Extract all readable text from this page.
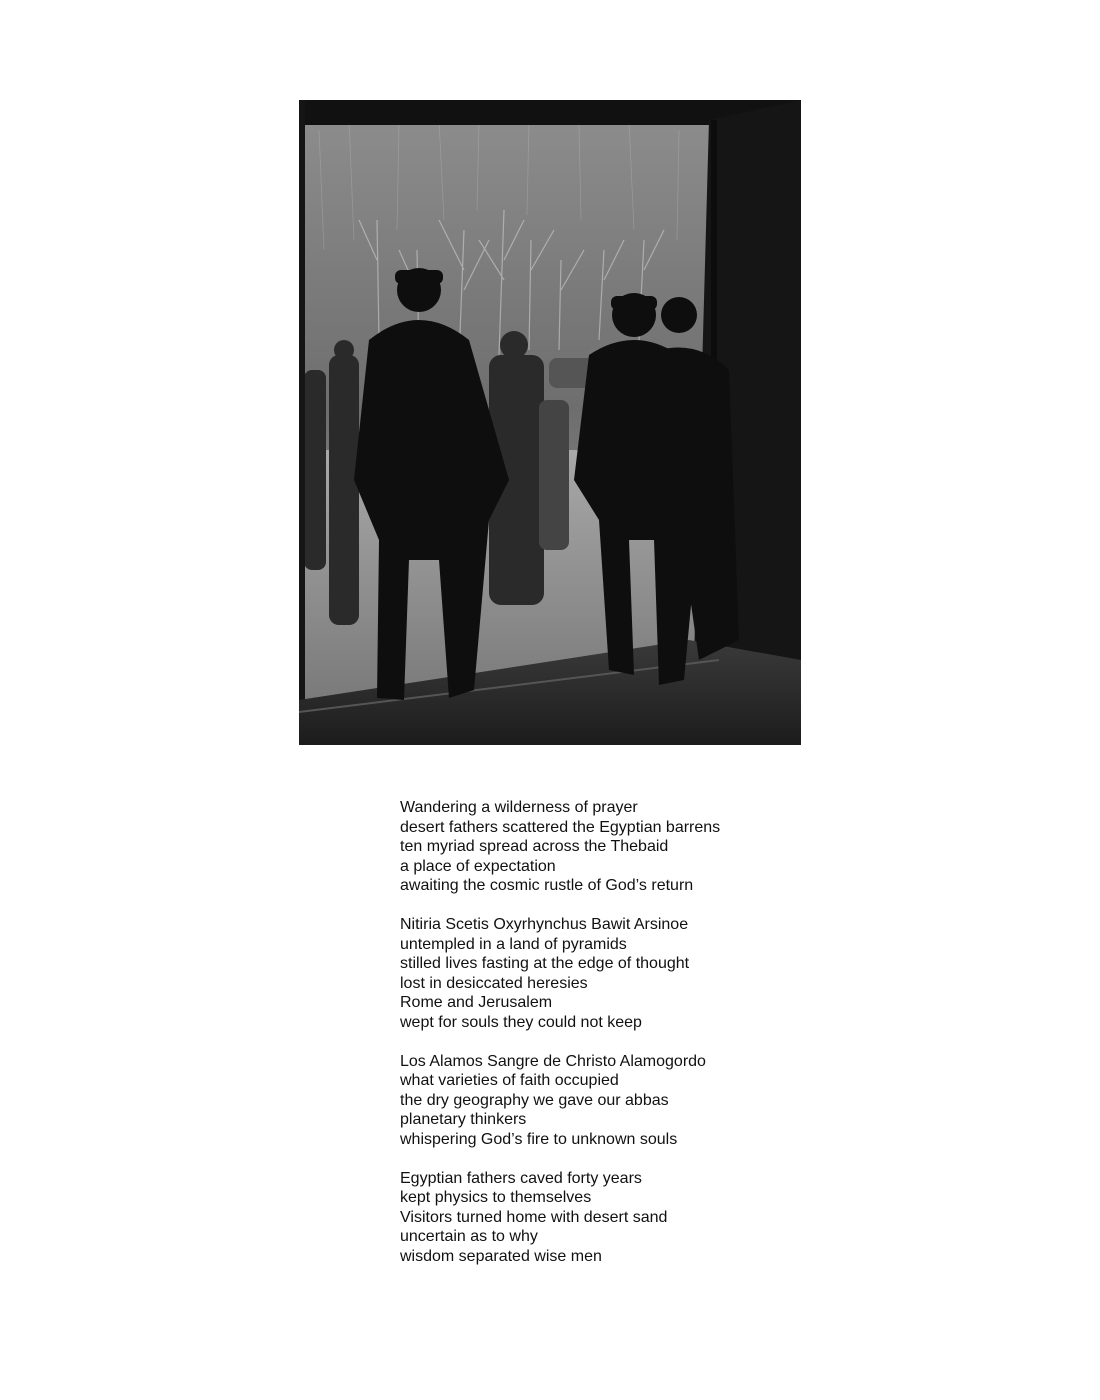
Wandering a wilderness of prayer
desert fathers scattered the Egyptian barrens
ten myriad spread across the Thebaid
a place of expectation
awaiting the cosmic rustle of God’s return
Nitiria Scetis Oxyrhynchus Bawit Arsinoe
untempled in a land of pyramids
stilled lives fasting at the edge of thought
lost in desiccated heresies
Rome and Jerusalem
wept for souls they could not keep
Los Alamos Sangre de Christo Alamogordo
what varieties of faith occupied
the dry geography we gave our abbas
planetary thinkers
whispering God’s fire to unknown souls
Egyptian fathers caved forty years
kept physics to themselves
Visitors turned home with desert sand
uncertain as to why
wisdom separated wise men
